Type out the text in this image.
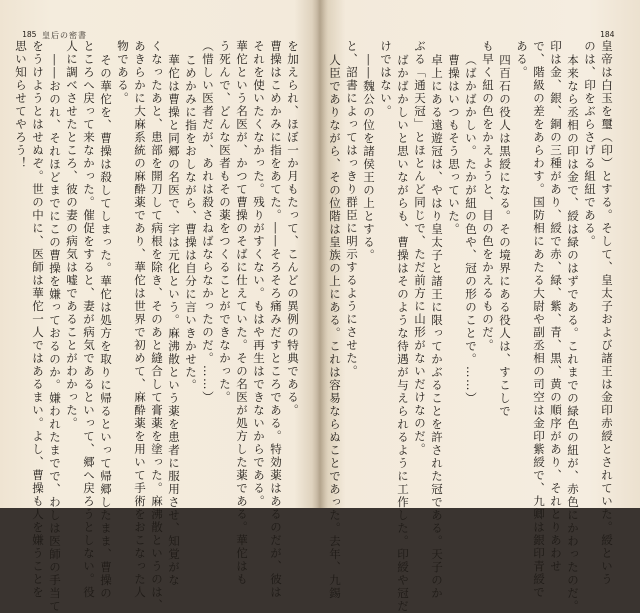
185 皇后の密書
を加えられ、ほぼ一か月もたって、こんどの異例の特典である。
曹操はこめかみに指をあてた。――そろそろ痛みだすところである。特効薬はあるのだが、彼は
それを使いたくなかった。残りがすくない。もはや再生はできないからである。
華佗という名医が、かつて曹操のそばに仕えていた。その名医が処方した薬である。華佗はも
う死んで、どんな医者もその薬をつくることができなかった。
（惜しい医者だが、あれは殺さねばならなかったのだ。……）
こめかみに指をおしながら、曹操は自分に言いきかせた。
華佗は曹操と同郷の名医で、字は元化という。麻沸散という薬を患者に服用させ、知覚がな
くなったあと、患部を開刀して病根を除き、そのあと縫合して膏薬を塗った。麻沸散というのは、
あきらかに大麻系統の麻酔薬であり、華佗は世界で初めて、麻酔薬を用いて手術をおこなった人
物である。
その華佗を、曹操は殺してしまった。華佗は処方を取りに帰るといって帰郷したまま、曹操の
ところへ戻って来なかった。催促をすると、妻が病気であるといって、郷へ戻ろうとしない。役
人に調べさせたところ、彼の妻の病気は嘘であることがわかった。
――おのれ、それほどまでにこの曹操を嫌っておるのか。嫌われたまでで、わしは医師の手当て
をうけようとはせぬぞ。世の中に、医師は華佗一人ではあるまい。よし、曹操も人を嫌うことを
思い知らせてやろう！
184
皇帝は白玉を璽（印）とする。そして、皇太子および諸王は金印赤綬とされていた。綬という
のは、印をぶらさげる組紐である。
本来なら丞相の印は金で、綬は緑のはずである。これまでの緑色の紐が、赤色にかわったのだ。
印は金、銀、銅の三種があり、綬で赤、緑、紫、青、黒、黄の順序があり、それとりあわせ
で、階級の差をあらわす。国防相にあたる大尉や副丞相の司空は金印紫綬で、九卿は銀印青綬で
ある。
四百石の役人は黒綬になる。その境界にある役人は、すこしで
も早く紐の色をかえようと、目の色をかえるものだ。
（ばかばかしい。たかが紐の色や、冠の形のことで。……）
曹操はいつもそう思っていた。
卓上にある遠遊冠は、やはり皇太子と諸王に限ってかぶることを許された冠である。天子のか
ぶる「通天冠」とほとんど同じで、ただ前方に山形がないだけなのだ。
ばかばかしいと思いながらも、曹操はそのような待遇が与えられるように工作した。印綬や冠だ
けではない。
――魏公の位を諸侯王の上とする。
と、詔書によってはっきり群臣に明示するようにさせた。
人臣でありながら、その位階は皇族の上にある。これは容易ならぬことであった。去年、九錫
